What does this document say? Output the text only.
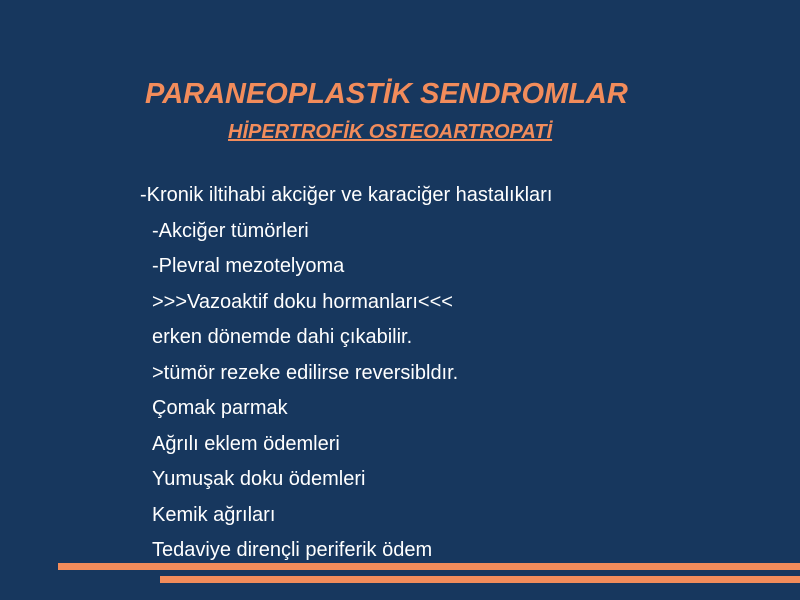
PARANEOPLASTİK SENDROMLAR
HİPERTROFİK OSTEOARTROPATİ
-Kronik iltihabi akciğer ve karaciğer hastalıkları
-Akciğer tümörleri
-Plevral mezotelyoma
>>>Vazoaktif doku hormanları<<<
erken dönemde dahi çıkabilir.
>tümör rezeke edilirse reversibldır.
Çomak parmak
Ağrılı eklem ödemleri
Yumuşak doku ödemleri
Kemik ağrıları
Tedaviye dirençli periferik ödem
